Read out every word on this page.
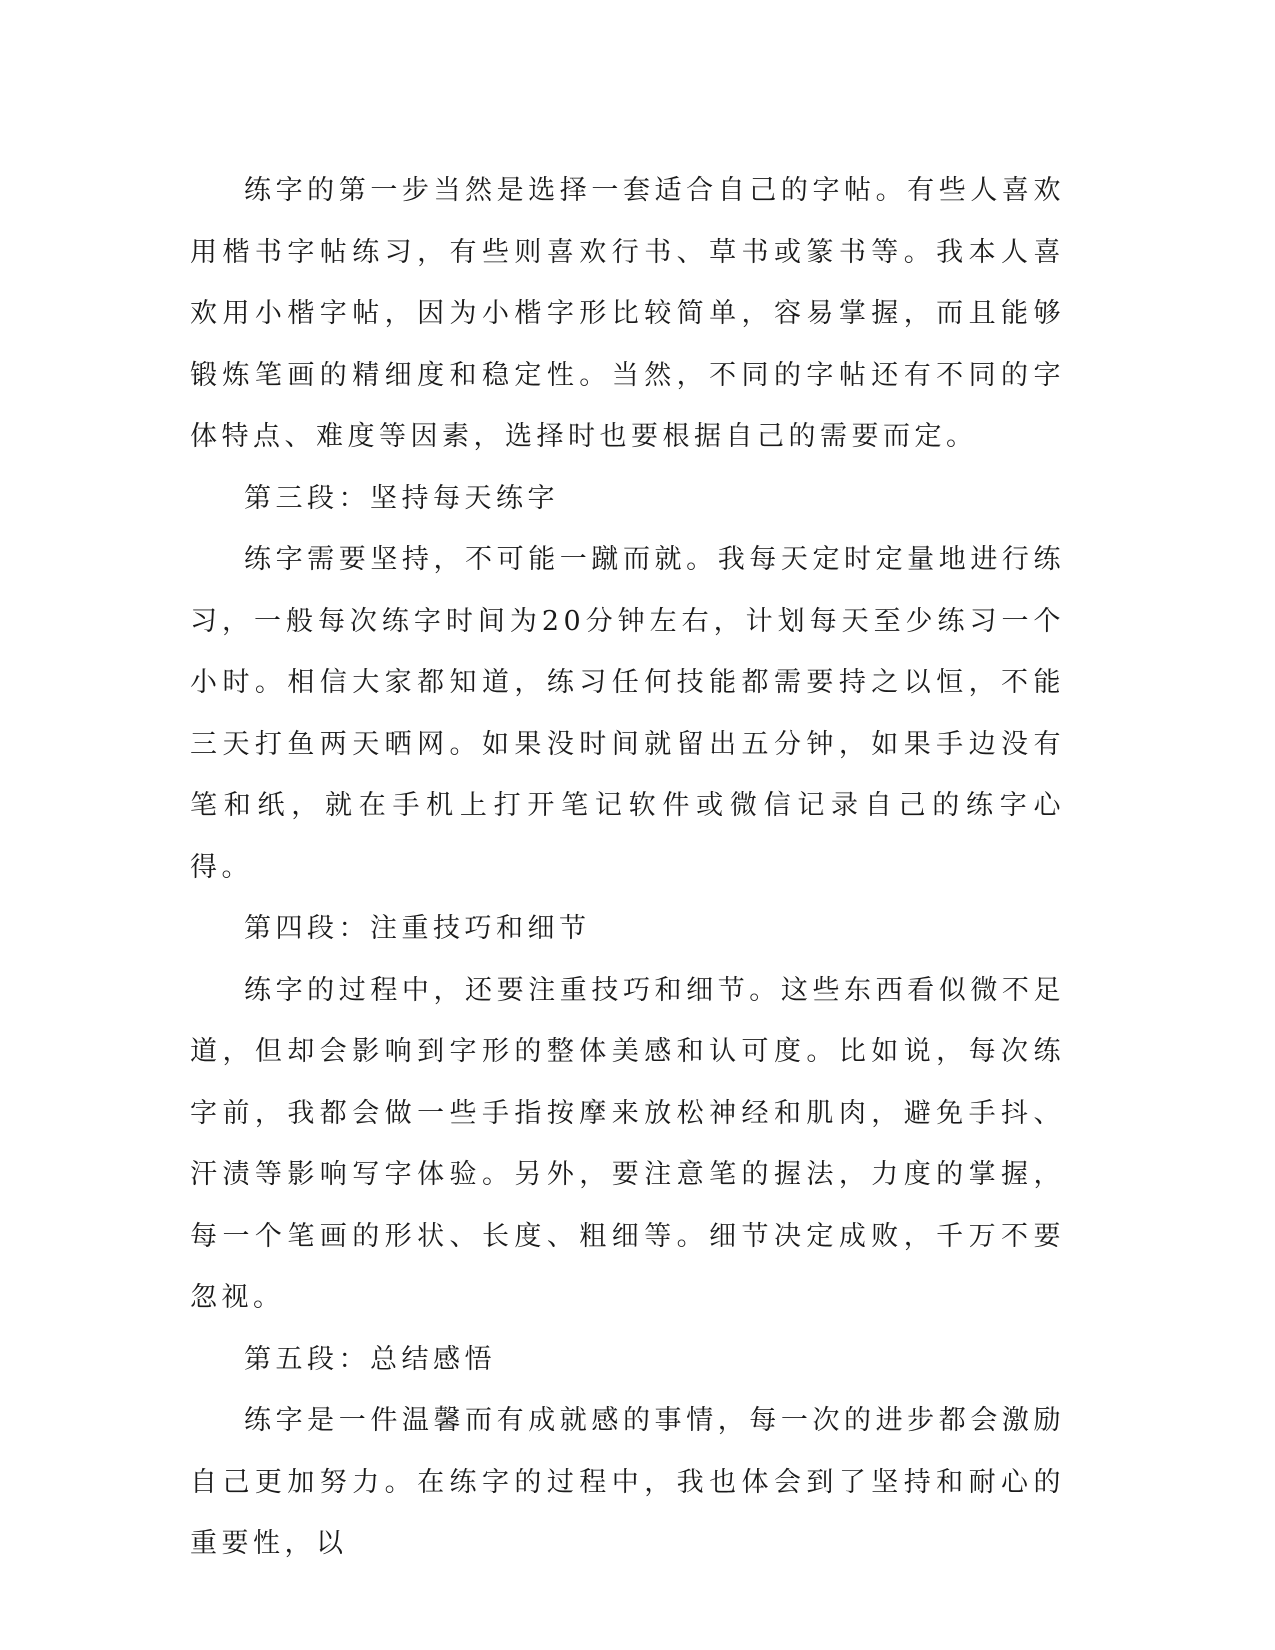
练字的第一步当然是选择一套适合自己的字帖。有些人喜欢用楷书字帖练习，有些则喜欢行书、草书或篆书等。我本人喜欢用小楷字帖，因为小楷字形比较简单，容易掌握，而且能够锻炼笔画的精细度和稳定性。当然，不同的字帖还有不同的字体特点、难度等因素，选择时也要根据自己的需要而定。

第三段：坚持每天练字

练字需要坚持，不可能一蹴而就。我每天定时定量地进行练习，一般每次练字时间为20分钟左右，计划每天至少练习一个小时。相信大家都知道，练习任何技能都需要持之以恒，不能三天打鱼两天晒网。如果没时间就留出五分钟，如果手边没有笔和纸，就在手机上打开笔记软件或微信记录自己的练字心得。

第四段：注重技巧和细节

练字的过程中，还要注重技巧和细节。这些东西看似微不足道，但却会影响到字形的整体美感和认可度。比如说，每次练字前，我都会做一些手指按摩来放松神经和肌肉，避免手抖、汗渍等影响写字体验。另外，要注意笔的握法，力度的掌握，每一个笔画的形状、长度、粗细等。细节决定成败，千万不要忽视。

第五段：总结感悟

练字是一件温馨而有成就感的事情，每一次的进步都会激励自己更加努力。在练字的过程中，我也体会到了坚持和耐心的重要性，以
